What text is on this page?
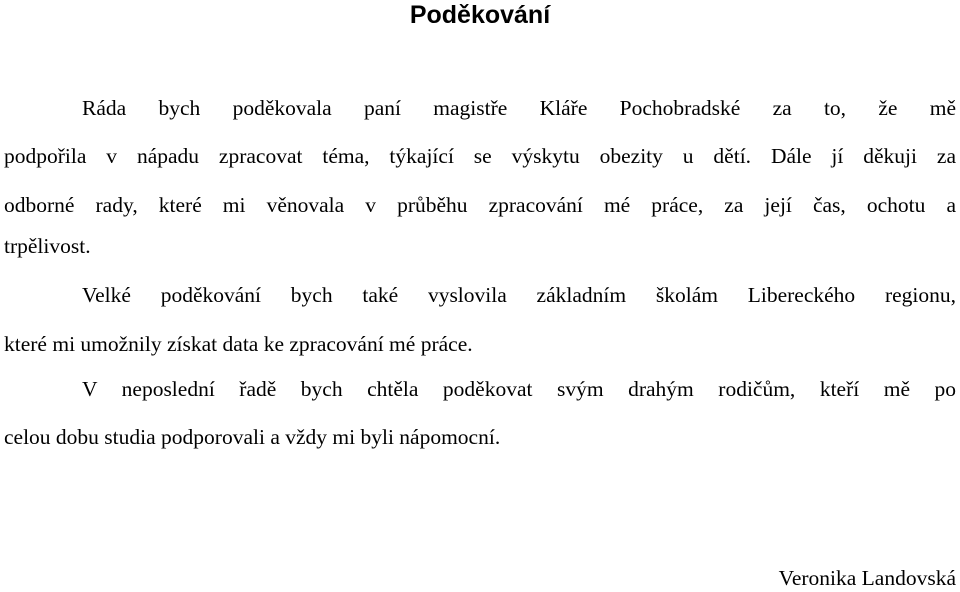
Poděkování
Ráda bych poděkovala paní magistře Kláře Pochobradské za to, že mě
podpořila v nápadu zpracovat téma, týkající se výskytu obezity u dětí. Dále jí děkuji za
odborné rady, které mi věnovala v průběhu zpracování mé práce, za její čas, ochotu a
trpělivost.
Velké poděkování bych také vyslovila základním školám Libereckého regionu,
které mi umožnily získat data ke zpracování mé práce.
V neposlední řadě bych chtěla poděkovat svým drahým rodičům, kteří mě po
celou dobu studia podporovali a vždy mi byli nápomocní.
Veronika Landovská
